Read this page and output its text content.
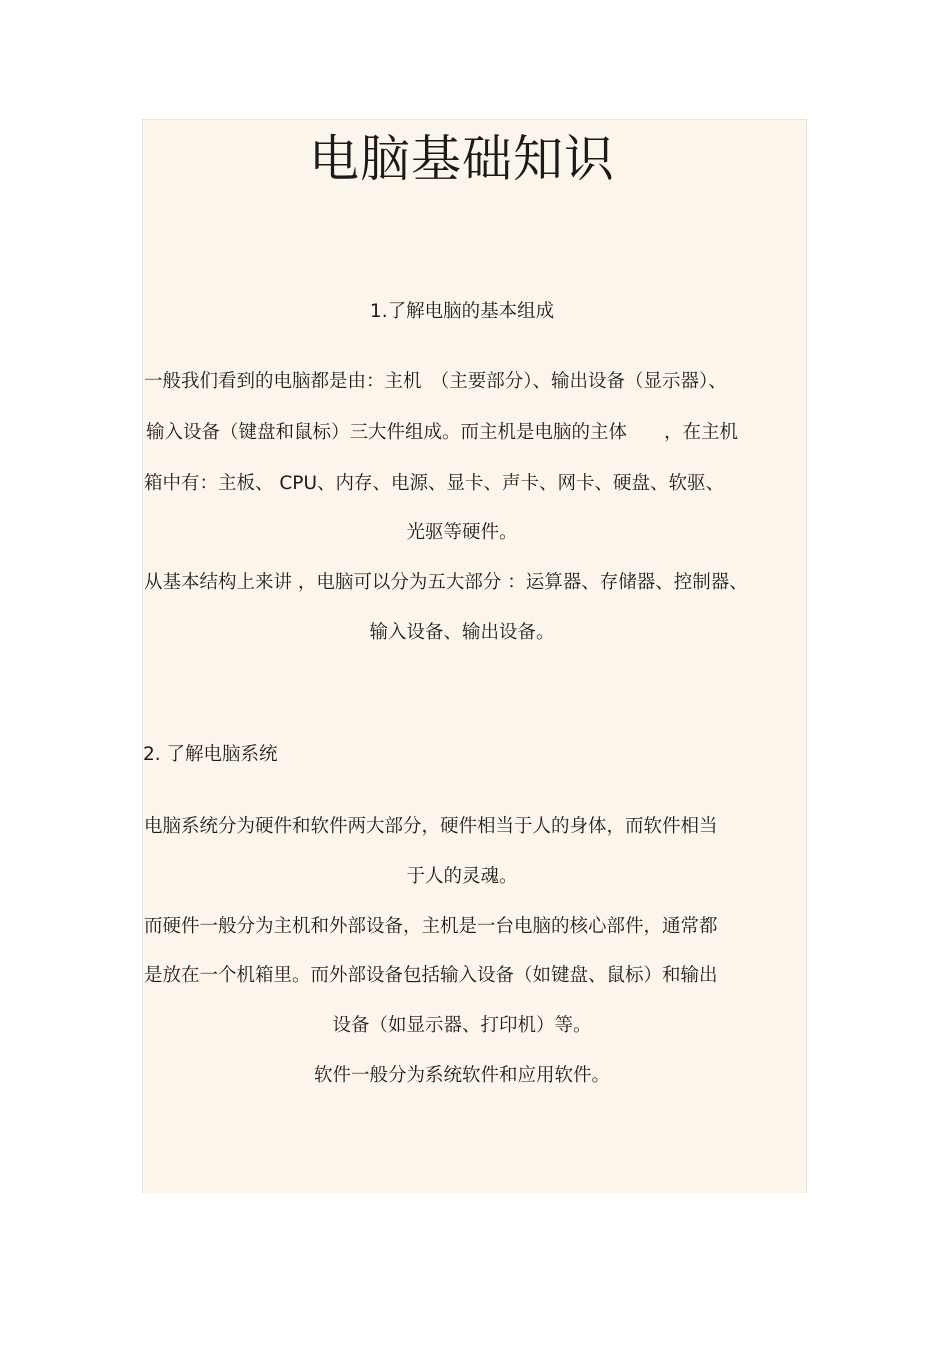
电脑基础知识
1.了解电脑的基本组成
一般我们看到的电脑都是由：主机　（主要部分）、输出设备（显示器）、
输入设备（键盘和鼠标）三大件组成。而主机是电脑的主体　　，在主机
箱中有：主板、 CPU、内存、电源、显卡、声卡、网卡、硬盘、软驱、
光驱等硬件。
从基本结构上来讲 ，电脑可以分为五大部分 ：运算器、存储器、控制器、
输入设备、输出设备。
2. 了解电脑系统
电脑系统分为硬件和软件两大部分，硬件相当于人的身体，而软件相当
于人的灵魂。
而硬件一般分为主机和外部设备，主机是一台电脑的核心部件，通常都
是放在一个机箱里。而外部设备包括输入设备（如键盘、鼠标）和输出
设备（如显示器、打印机）等。
软件一般分为系统软件和应用软件。
